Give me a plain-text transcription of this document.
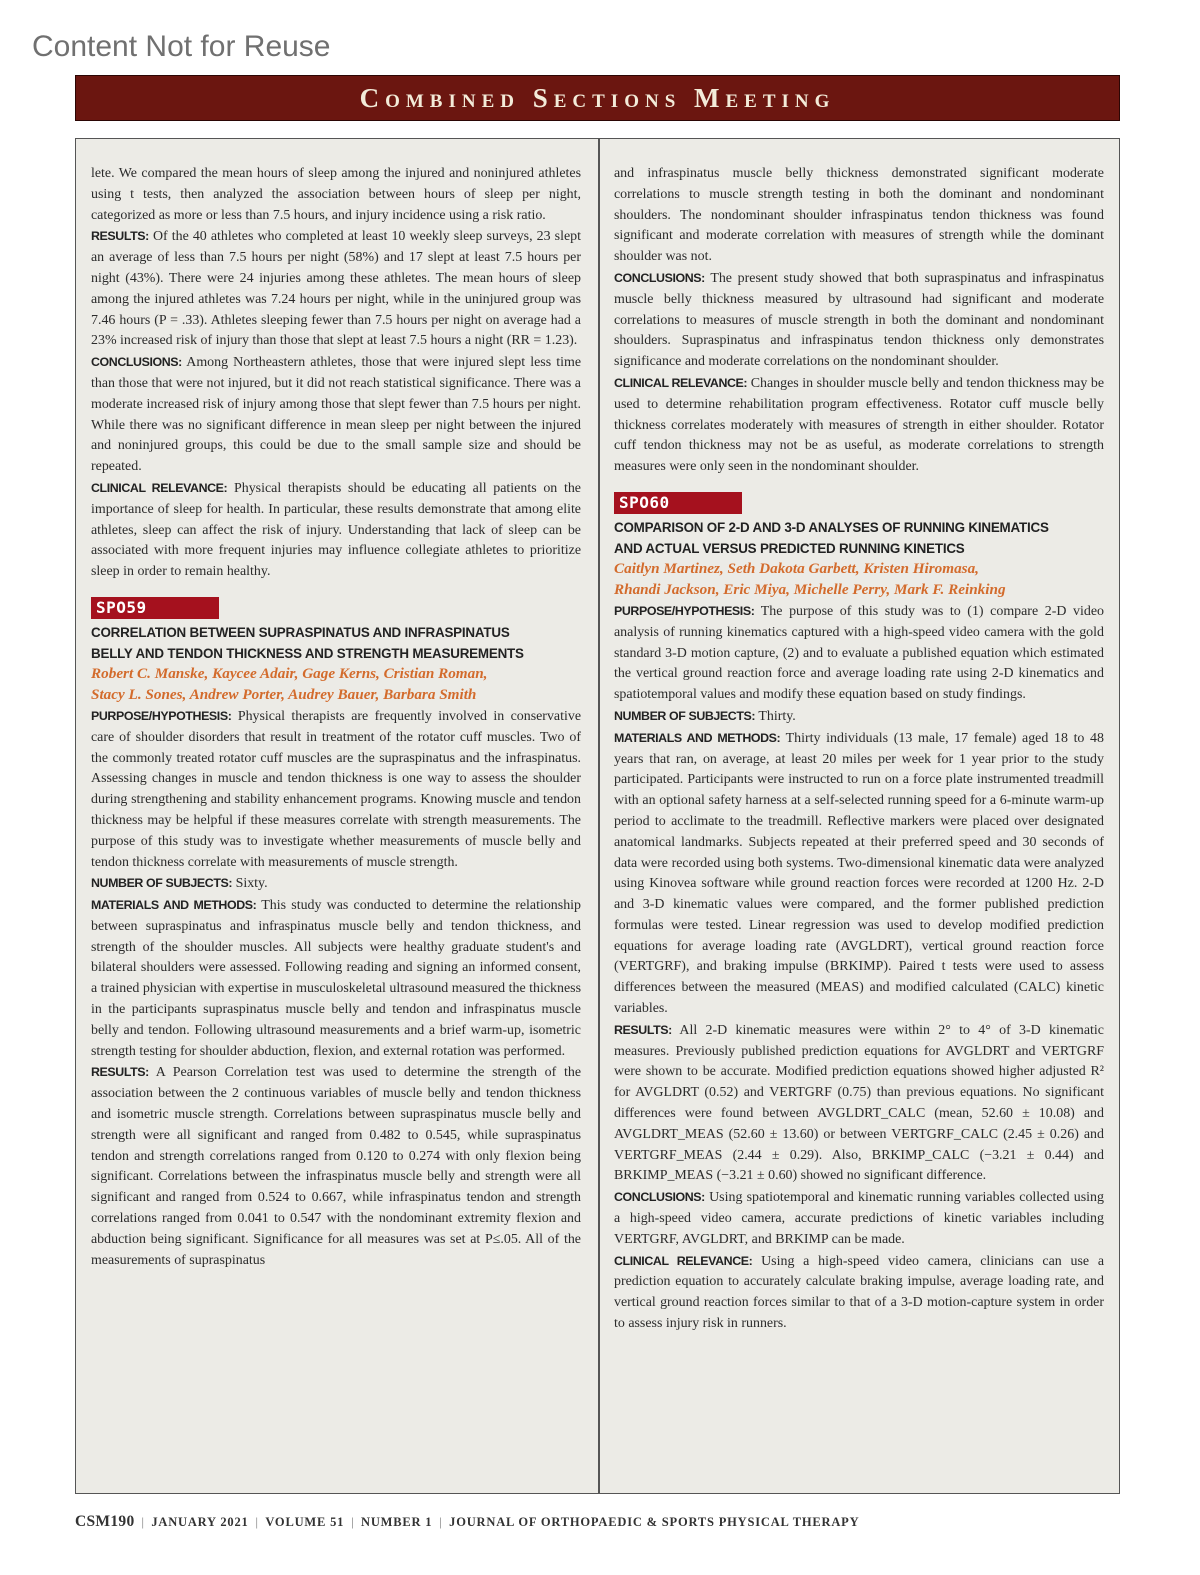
Content Not for Reuse
Combined Sections Meeting

lete. We compared the mean hours of sleep among the injured and noninjured athletes using t tests, then analyzed the association between hours of sleep per night, categorized as more or less than 7.5 hours, and injury incidence using a risk ratio.

RESULTS: Of the 40 athletes who completed at least 10 weekly sleep surveys, 23 slept an average of less than 7.5 hours per night (58%) and 17 slept at least 7.5 hours per night (43%). There were 24 injuries among these athletes. The mean hours of sleep among the injured athletes was 7.24 hours per night, while in the uninjured group was 7.46 hours (P = .33). Athletes sleeping fewer than 7.5 hours per night on average had a 23% increased risk of injury than those that slept at least 7.5 hours a night (RR = 1.23).

CONCLUSIONS: Among Northeastern athletes, those that were injured slept less time than those that were not injured, but it did not reach statistical significance. There was a moderate increased risk of injury among those that slept fewer than 7.5 hours per night. While there was no significant difference in mean sleep per night between the injured and noninjured groups, this could be due to the small sample size and should be repeated.

CLINICAL RELEVANCE: Physical therapists should be educating all patients on the importance of sleep for health. In particular, these results demonstrate that among elite athletes, sleep can affect the risk of injury. Understanding that lack of sleep can be associated with more frequent injuries may influence collegiate athletes to prioritize sleep in order to remain healthy.

SPO59

CORRELATION BETWEEN SUPRASPINATUS AND INFRASPINATUS
BELLY AND TENDON THICKNESS AND STRENGTH MEASUREMENTS
Robert C. Manske, Kaycee Adair, Gage Kerns, Cristian Roman,
Stacy L. Sones, Andrew Porter, Audrey Bauer, Barbara Smith

PURPOSE/HYPOTHESIS: Physical therapists are frequently involved in conservative care of shoulder disorders that result in treatment of the rotator cuff muscles. Two of the commonly treated rotator cuff muscles are the supraspinatus and the infraspinatus. Assessing changes in muscle and tendon thickness is one way to assess the shoulder during strengthening and stability enhancement programs. Knowing muscle and tendon thickness may be helpful if these measures correlate with strength measurements. The purpose of this study was to investigate whether measurements of muscle belly and tendon thickness correlate with measurements of muscle strength.

NUMBER OF SUBJECTS: Sixty.

MATERIALS AND METHODS: This study was conducted to determine the relationship between supraspinatus and infraspinatus muscle belly and tendon thickness, and strength of the shoulder muscles. All subjects were healthy graduate student's and bilateral shoulders were assessed. Following reading and signing an informed consent, a trained physician with expertise in musculoskeletal ultrasound measured the thickness in the participants supraspinatus muscle belly and tendon and infraspinatus muscle belly and tendon. Following ultrasound measurements and a brief warm-up, isometric strength testing for shoulder abduction, flexion, and external rotation was performed.

RESULTS: A Pearson Correlation test was used to determine the strength of the association between the 2 continuous variables of muscle belly and tendon thickness and isometric muscle strength. Correlations between supraspinatus muscle belly and strength were all significant and ranged from 0.482 to 0.545, while supraspinatus tendon and strength correlations ranged from 0.120 to 0.274 with only flexion being significant. Correlations between the infraspinatus muscle belly and strength were all significant and ranged from 0.524 to 0.667, while infraspinatus tendon and strength correlations ranged from 0.041 to 0.547 with the nondominant extremity flexion and abduction being significant. Significance for all measures was set at P≤.05. All of the measurements of supraspinatus

and infraspinatus muscle belly thickness demonstrated significant moderate correlations to muscle strength testing in both the dominant and nondominant shoulders. The nondominant shoulder infraspinatus tendon thickness was found significant and moderate correlation with measures of strength while the dominant shoulder was not.

CONCLUSIONS: The present study showed that both supraspinatus and infraspinatus muscle belly thickness measured by ultrasound had significant and moderate correlations to measures of muscle strength in both the dominant and nondominant shoulders. Supraspinatus and infraspinatus tendon thickness only demonstrates significance and moderate correlations on the nondominant shoulder.

CLINICAL RELEVANCE: Changes in shoulder muscle belly and tendon thickness may be used to determine rehabilitation program effectiveness. Rotator cuff muscle belly thickness correlates moderately with measures of strength in either shoulder. Rotator cuff tendon thickness may not be as useful, as moderate correlations to strength measures were only seen in the nondominant shoulder.

SPO60

COMPARISON OF 2-D AND 3-D ANALYSES OF RUNNING KINEMATICS
AND ACTUAL VERSUS PREDICTED RUNNING KINETICS
Caitlyn Martinez, Seth Dakota Garbett, Kristen Hiromasa,
Rhandi Jackson, Eric Miya, Michelle Perry, Mark F. Reinking

PURPOSE/HYPOTHESIS: The purpose of this study was to (1) compare 2-D video analysis of running kinematics captured with a high-speed video camera with the gold standard 3-D motion capture, (2) and to evaluate a published equation which estimated the vertical ground reaction force and average loading rate using 2-D kinematics and spatiotemporal values and modify these equation based on study findings.

NUMBER OF SUBJECTS: Thirty.

MATERIALS AND METHODS: Thirty individuals (13 male, 17 female) aged 18 to 48 years that ran, on average, at least 20 miles per week for 1 year prior to the study participated. Participants were instructed to run on a force plate instrumented treadmill with an optional safety harness at a self-selected running speed for a 6-minute warm-up period to acclimate to the treadmill. Reflective markers were placed over designated anatomical landmarks. Subjects repeated at their preferred speed and 30 seconds of data were recorded using both systems. Two-dimensional kinematic data were analyzed using Kinovea software while ground reaction forces were recorded at 1200 Hz. 2-D and 3-D kinematic values were compared, and the former published prediction formulas were tested. Linear regression was used to develop modified prediction equations for average loading rate (AVGLDRT), vertical ground reaction force (VERTGRF), and braking impulse (BRKIMP). Paired t tests were used to assess differences between the measured (MEAS) and modified calculated (CALC) kinetic variables.

RESULTS: All 2-D kinematic measures were within 2° to 4° of 3-D kinematic measures. Previously published prediction equations for AVGLDRT and VERTGRF were shown to be accurate. Modified prediction equations showed higher adjusted R² for AVGLDRT (0.52) and VERTGRF (0.75) than previous equations. No significant differences were found between AVGLDRT_CALC (mean, 52.60 ± 10.08) and AVGLDRT_MEAS (52.60 ± 13.60) or between VERTGRF_CALC (2.45 ± 0.26) and VERTGRF_MEAS (2.44 ± 0.29). Also, BRKIMP_CALC (−3.21 ± 0.44) and BRKIMP_MEAS (−3.21 ± 0.60) showed no significant difference.

CONCLUSIONS: Using spatiotemporal and kinematic running variables collected using a high-speed video camera, accurate predictions of kinetic variables including VERTGRF, AVGLDRT, and BRKIMP can be made.

CLINICAL RELEVANCE: Using a high-speed video camera, clinicians can use a prediction equation to accurately calculate braking impulse, average loading rate, and vertical ground reaction forces similar to that of a 3-D motion-capture system in order to assess injury risk in runners.

CSM190 | JANUARY 2021 | VOLUME 51 | NUMBER 1 | JOURNAL OF ORTHOPAEDIC & SPORTS PHYSICAL THERAPY
